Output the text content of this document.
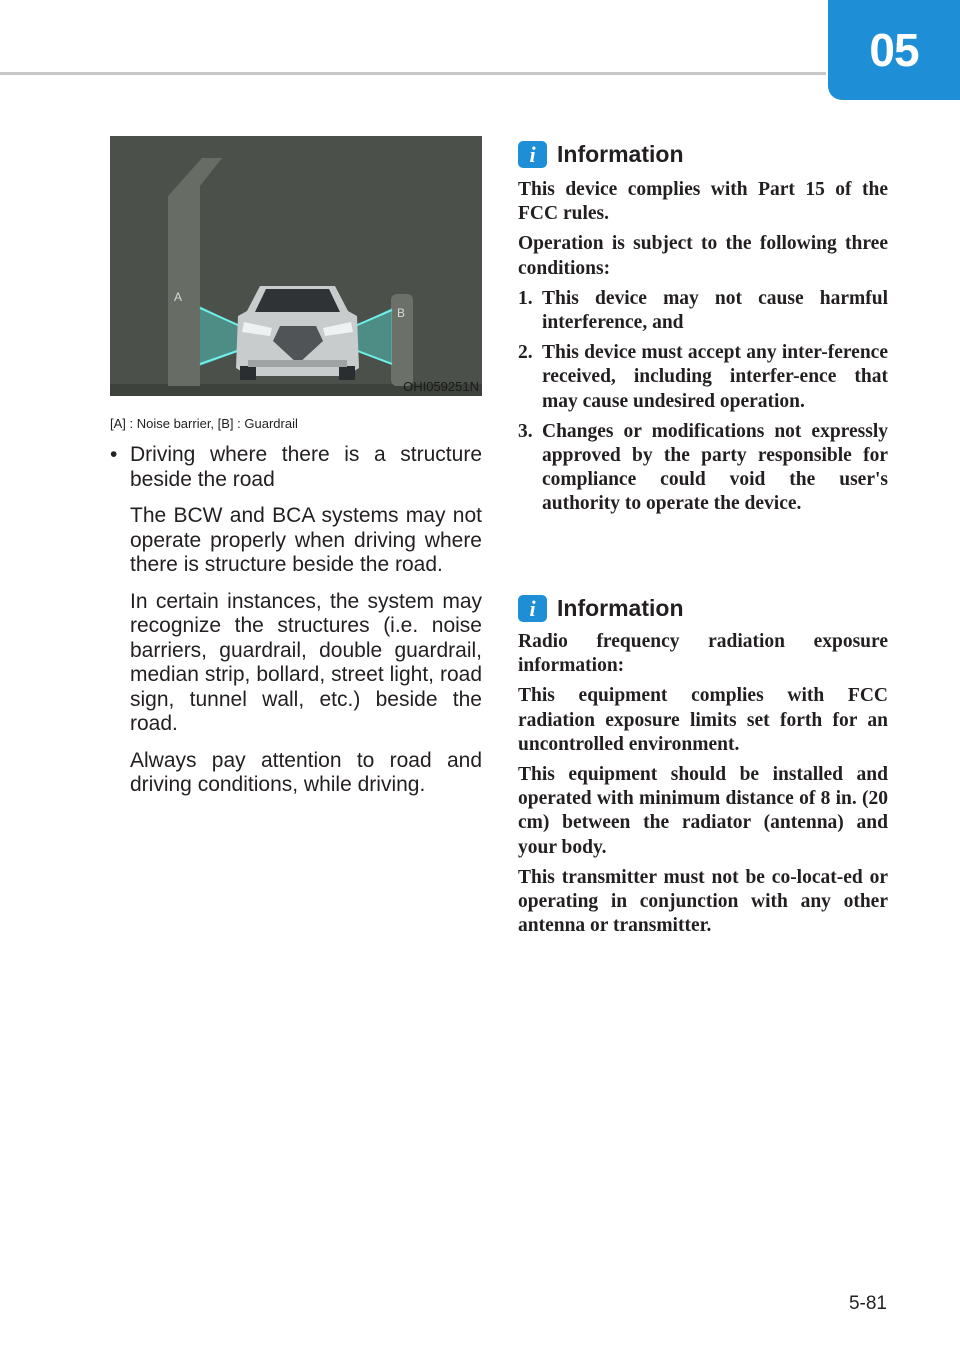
05
A
B
OHI059251N
[A] : Noise barrier, [B] : Guardrail

• Driving where there is a structure beside the road

The BCW and BCA systems may not operate properly when driving where there is structure beside the road.

In certain instances, the system may recognize the structures (i.e. noise barriers, guardrail, double guardrail, median strip, bollard, street light, road sign, tunnel wall, etc.) beside the road.

Always pay attention to road and driving conditions, while driving.

i Information

This device complies with Part 15 of the FCC rules.

Operation is subject to the following three conditions:

1. This device may not cause harmful interference, and
2. This device must accept any inter-ference received, including interfer-ence that may cause undesired operation.
3. Changes or modifications not expressly approved by the party responsible for compliance could void the user's authority to operate the device.
i Information

Radio frequency radiation exposure information:

This equipment complies with FCC radiation exposure limits set forth for an uncontrolled environment.

This equipment should be installed and operated with minimum distance of 8 in. (20 cm) between the radiator (antenna) and your body.

This transmitter must not be co-locat-ed or operating in conjunction with any other antenna or transmitter.

5-81
